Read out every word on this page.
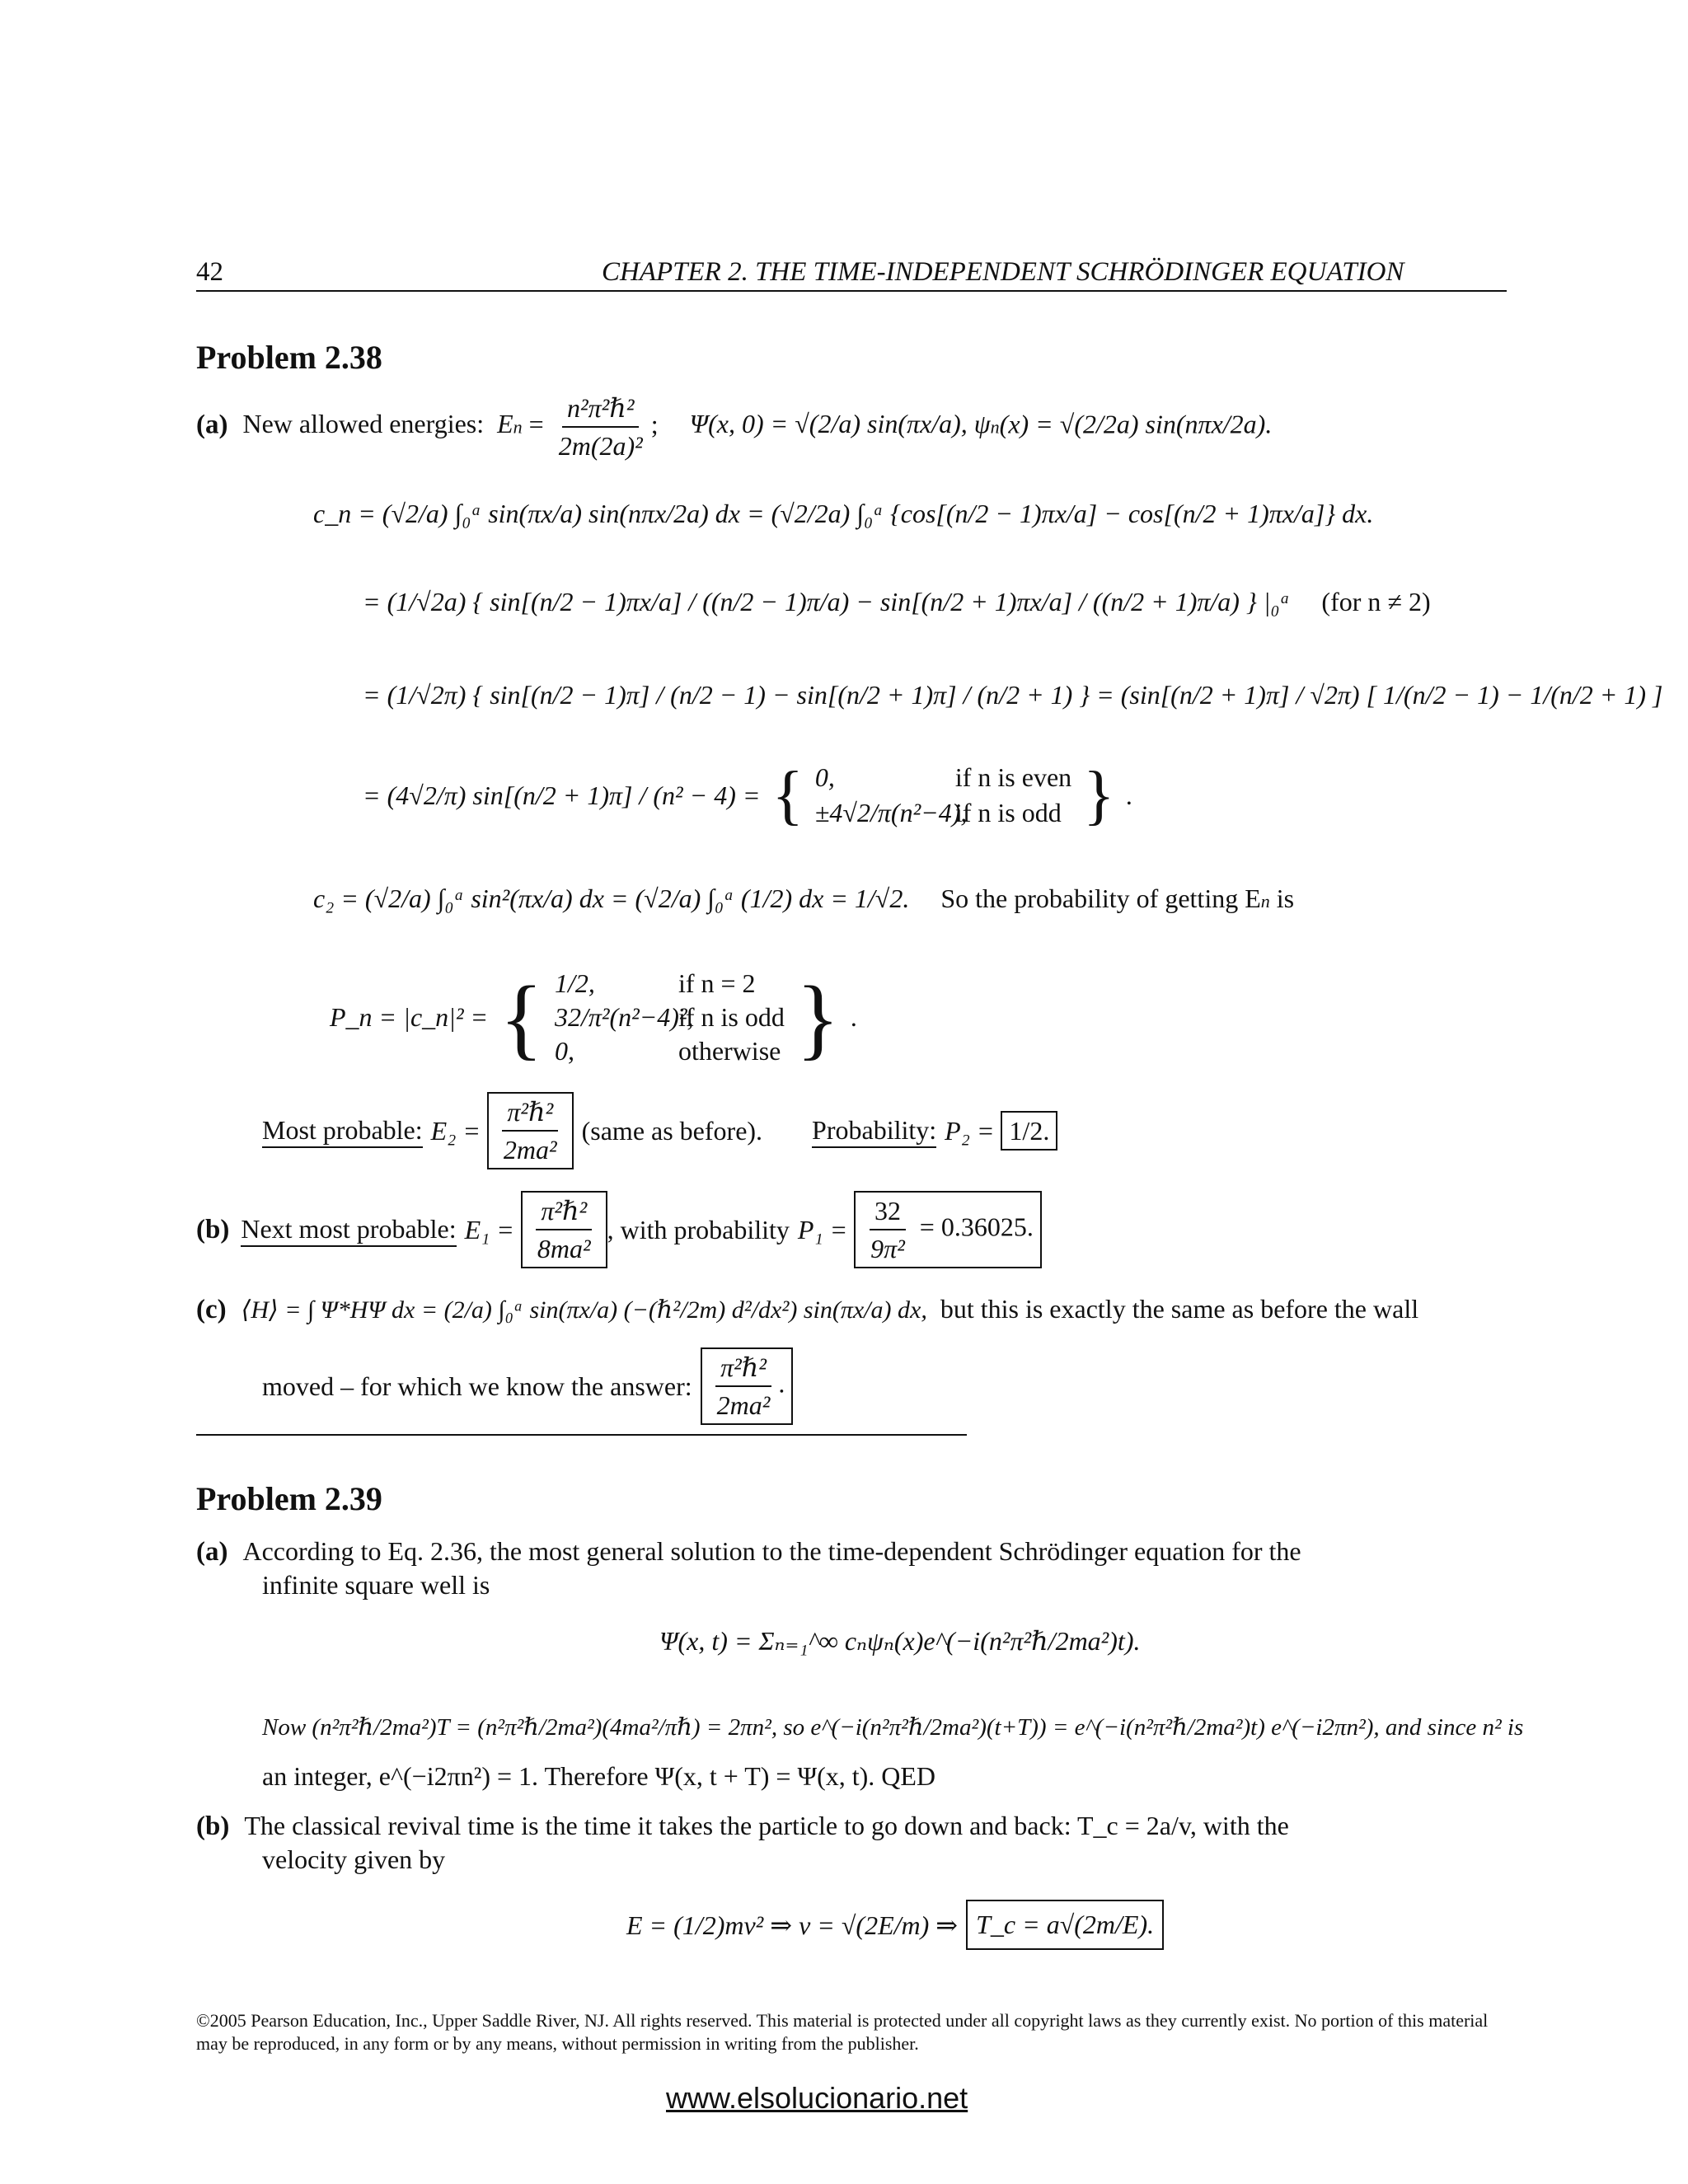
42	CHAPTER 2. THE TIME-INDEPENDENT SCHRÖDINGER EQUATION
Problem 2.38
(a) New allowed energies: $En = \frac{\text{n²π²ℏ²}}{\text{2m(2a)²}}$ ; Ψ(x, 0) = √(2/a) sin(πx/a), ψn(x) = √(2/2a) sin(nπx/2a).
c_n = (√2/a) ∫₀ᵃ sin(πx/a) sin(nπx/2a) dx = (√2/2a) ∫₀ᵃ {cos[(n/2 − 1)πx/a] − cos[(n/2 + 1)πx/a]} dx.
= (1/√2a) { sin[(n/2 − 1)πx/a] / ((n/2 − 1)π/a) − sin[(n/2 + 1)πx/a] / ((n/2 + 1)π/a) } |₀ᵃ (for n ≠ 2)
= (1/√2π) { sin[(n/2 − 1)π] / (n/2 − 1) − sin[(n/2 + 1)π] / (n/2 + 1) } = (sin[(n/2 + 1)π] / √2π) [ 1/(n/2 − 1) − 1/(n/2 + 1) ]
= (4√2/π) sin[(n/2 + 1)π] / (n² − 4) = { 0,	if n is even
±4√2/π(n²−4),if n is odd } .
c₂ = (√2/a) ∫₀ᵃ sin²(πx/a) dx = (√2/a) ∫₀ᵃ (1/2) dx = 1/√2. So the probability of getting En is
P_n = |c_n|² = { 1/2,	if n = 2
32/π²(n²−4)²,if n is odd
0,	otherwise } .
Most probable: $E_2 = \frac{\text{π²ℏ²}}{\text{2ma²}}$ (same as before). Probability: P₂ = 1/2.
(b) Next most probable: $E_1 = \frac{\text{π²ℏ²}}{\text{8ma²}}$ , with probability $P_1 = \frac{32}{\text{9π²}} = 0.36025$.
(c) ⟨H⟩ = ∫ Ψ*HΨ dx = (2/a) ∫₀ᵃ sin(πx/a) (−(ℏ²/2m) d²/dx²) sin(πx/a) dx, but this is exactly the same as before the wall
moved – for which we know the answer: $\frac{\text{π²ℏ²}}{\text{2ma²}}$ .
Problem 2.39
(a) According to Eq. 2.36, the most general solution to the time-dependent Schrödinger equation for the
infinite square well is
Ψ(x, t) = Σₙ₌₁^∞ cₙψₙ(x)e^(−i(n²π²ℏ/2ma²)t).
Now (n²π²ℏ/2ma²)T = (n²π²ℏ/2ma²)(4ma²/πℏ) = 2πn², so e^(−i(n²π²ℏ/2ma²)(t+T)) = e^(−i(n²π²ℏ/2ma²)t) e^(−i2πn²), and since n² is
an integer, e^(−i2πn²) = 1. Therefore Ψ(x, t + T) = Ψ(x, t). QED
(b) The classical revival time is the time it takes the particle to go down and back: T_c = 2a/v, with the
velocity given by
E = (1/2)mv² ⇒ v = √(2E/m) ⇒ T_c = a√(2m/E).
©2005 Pearson Education, Inc., Upper Saddle River, NJ. All rights reserved. This material is protected under all copyright laws as they currently exist. No portion of this material may be reproduced, in any form or by any means, without permission in writing from the publisher.
www.elsolucionario.net
